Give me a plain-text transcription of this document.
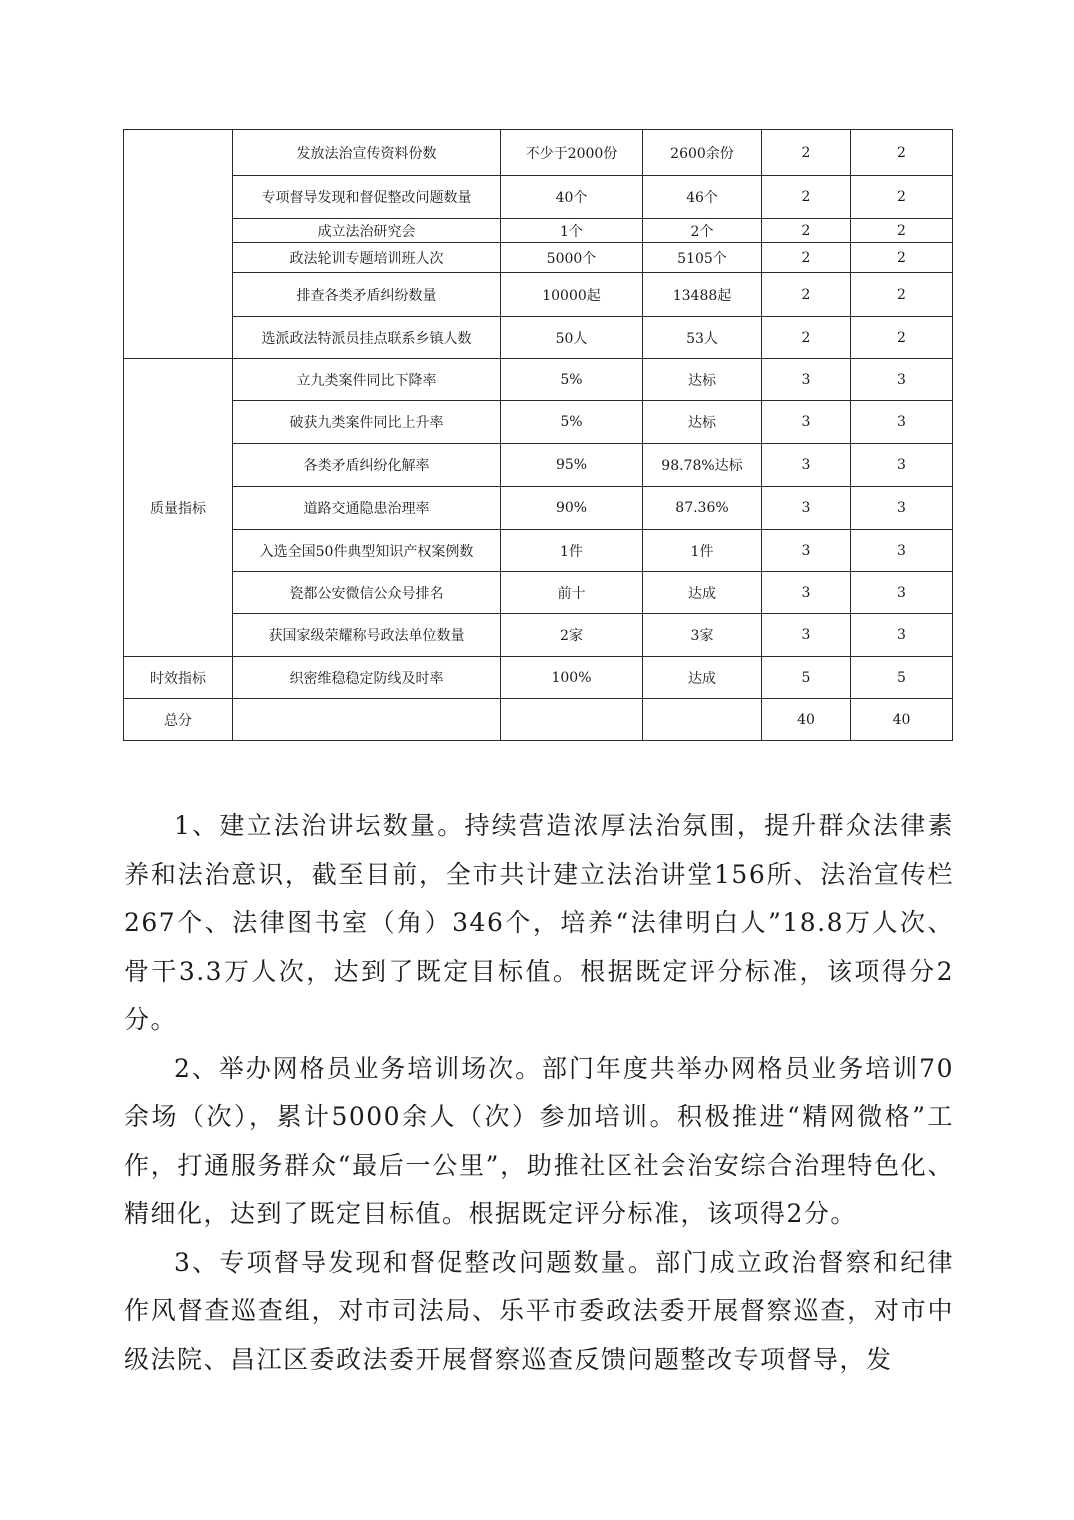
	发放法治宣传资料份数	不少于2000份	2600余份	2	2
	专项督导发现和督促整改问题数量	40个	46个	2	2
	成立法治研究会	1个	2个	2	2
	政法轮训专题培训班人次	5000个	5105个	2	2
	排查各类矛盾纠纷数量	10000起	13488起	2	2
	选派政法特派员挂点联系乡镇人数	50人	53人	2	2
质量指标	立九类案件同比下降率	5%	达标	3	3
	破获九类案件同比上升率	5%	达标	3	3
	各类矛盾纠纷化解率	95%	98.78%达标	3	3
	道路交通隐患治理率	90%	87.36%	3	3
	入选全国50件典型知识产权案例数	1件	1件	3	3
	瓷都公安微信公众号排名	前十	达成	3	3
	获国家级荣耀称号政法单位数量	2家	3家	3	3
时效指标	织密维稳稳定防线及时率	100%	达成	5	5
总分				40	40

1、建立法治讲坛数量。持续营造浓厚法治氛围，提升群众法律素养和法治意识，截至目前，全市共计建立法治讲堂156所、法治宣传栏267个、法律图书室（角）346个，培养“法律明白人”18.8万人次、骨干3.3万人次，达到了既定目标值。根据既定评分标准，该项得分2分。

2、举办网格员业务培训场次。部门年度共举办网格员业务培训70余场（次），累计5000余人（次）参加培训。积极推进“精网微格”工作，打通服务群众“最后一公里”，助推社区社会治安综合治理特色化、精细化，达到了既定目标值。根据既定评分标准，该项得2分。

3、专项督导发现和督促整改问题数量。部门成立政治督察和纪律作风督查巡查组，对市司法局、乐平市委政法委开展督察巡查，对市中级法院、昌江区委政法委开展督察巡查反馈问题整改专项督导，发
